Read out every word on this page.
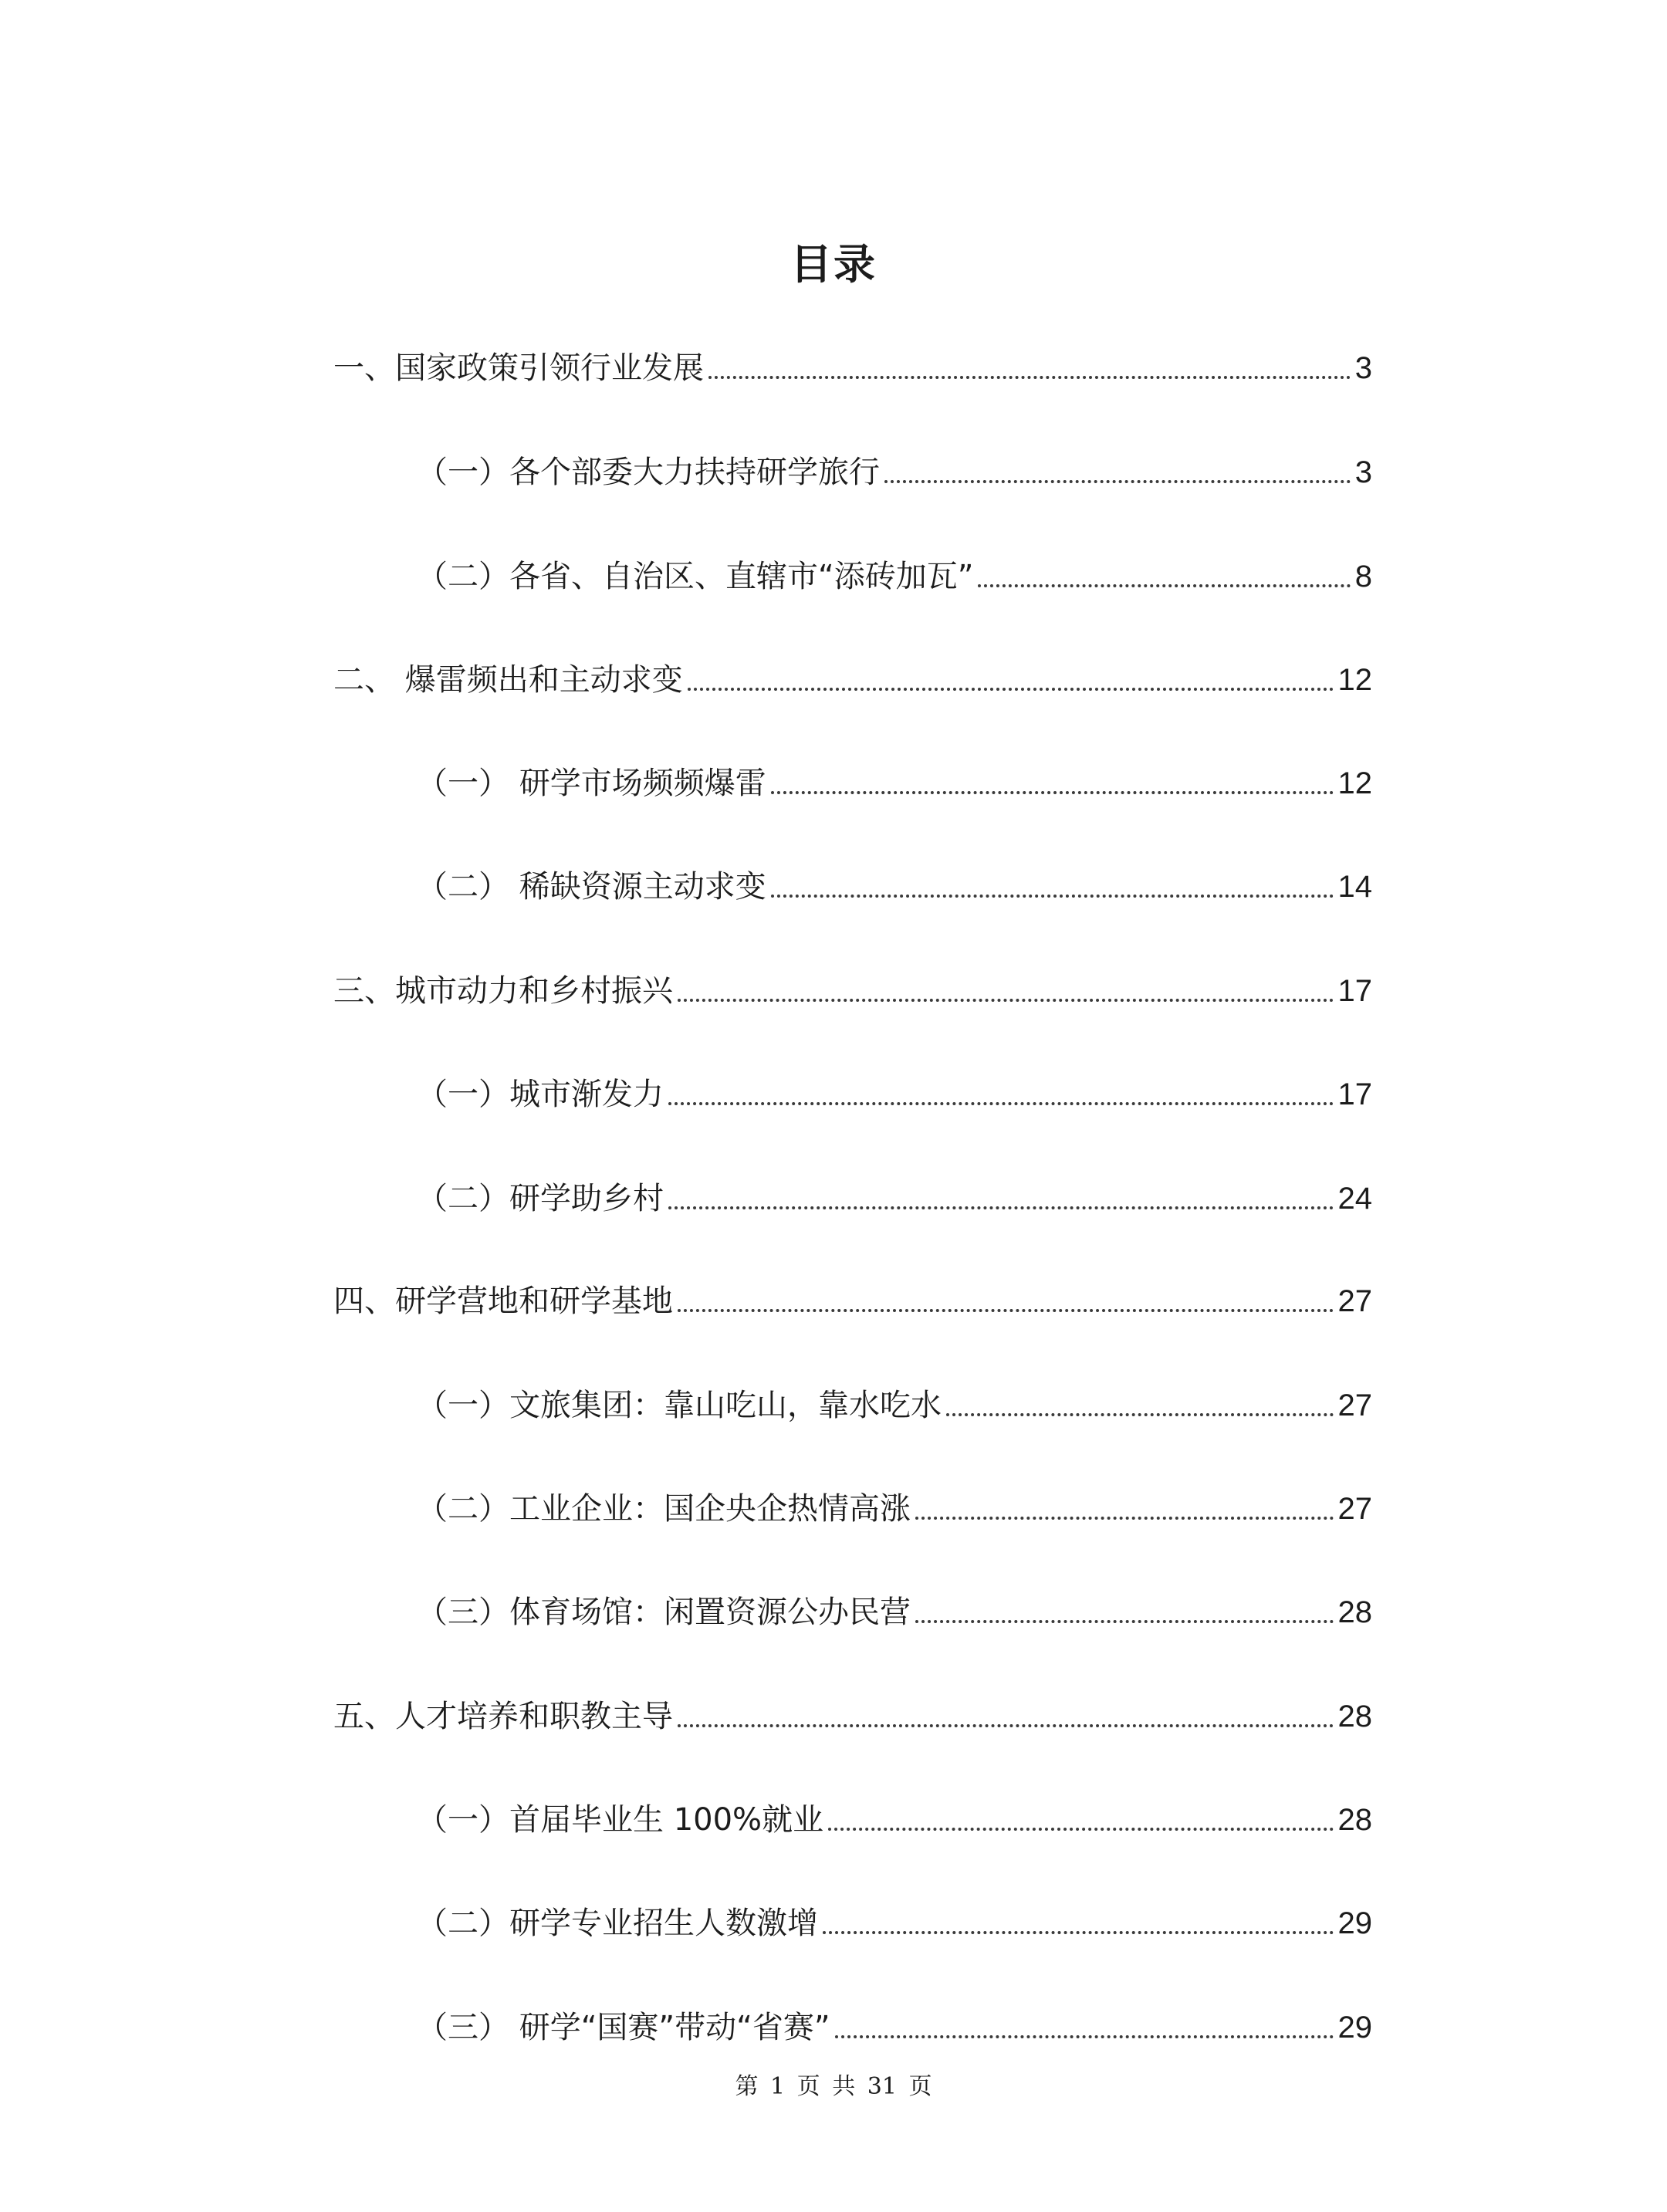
目录
一、国家政策引领行业发展	3
（一）各个部委大力扶持研学旅行	3
（二）各省、自治区、直辖市“添砖加瓦”	8
二、 爆雷频出和主动求变	12
（一） 研学市场频频爆雷	12
（二） 稀缺资源主动求变	14
三、城市动力和乡村振兴	17
（一）城市渐发力	17
（二）研学助乡村	24
四、研学营地和研学基地	27
（一）文旅集团：靠山吃山，靠水吃水	27
（二）工业企业：国企央企热情高涨	27
（三）体育场馆：闲置资源公办民营	28
五、人才培养和职教主导	28
（一）首届毕业生 100%就业	28
（二）研学专业招生人数激增	29
（三） 研学“国赛”带动“省赛”	29
第 1 页 共 31 页
